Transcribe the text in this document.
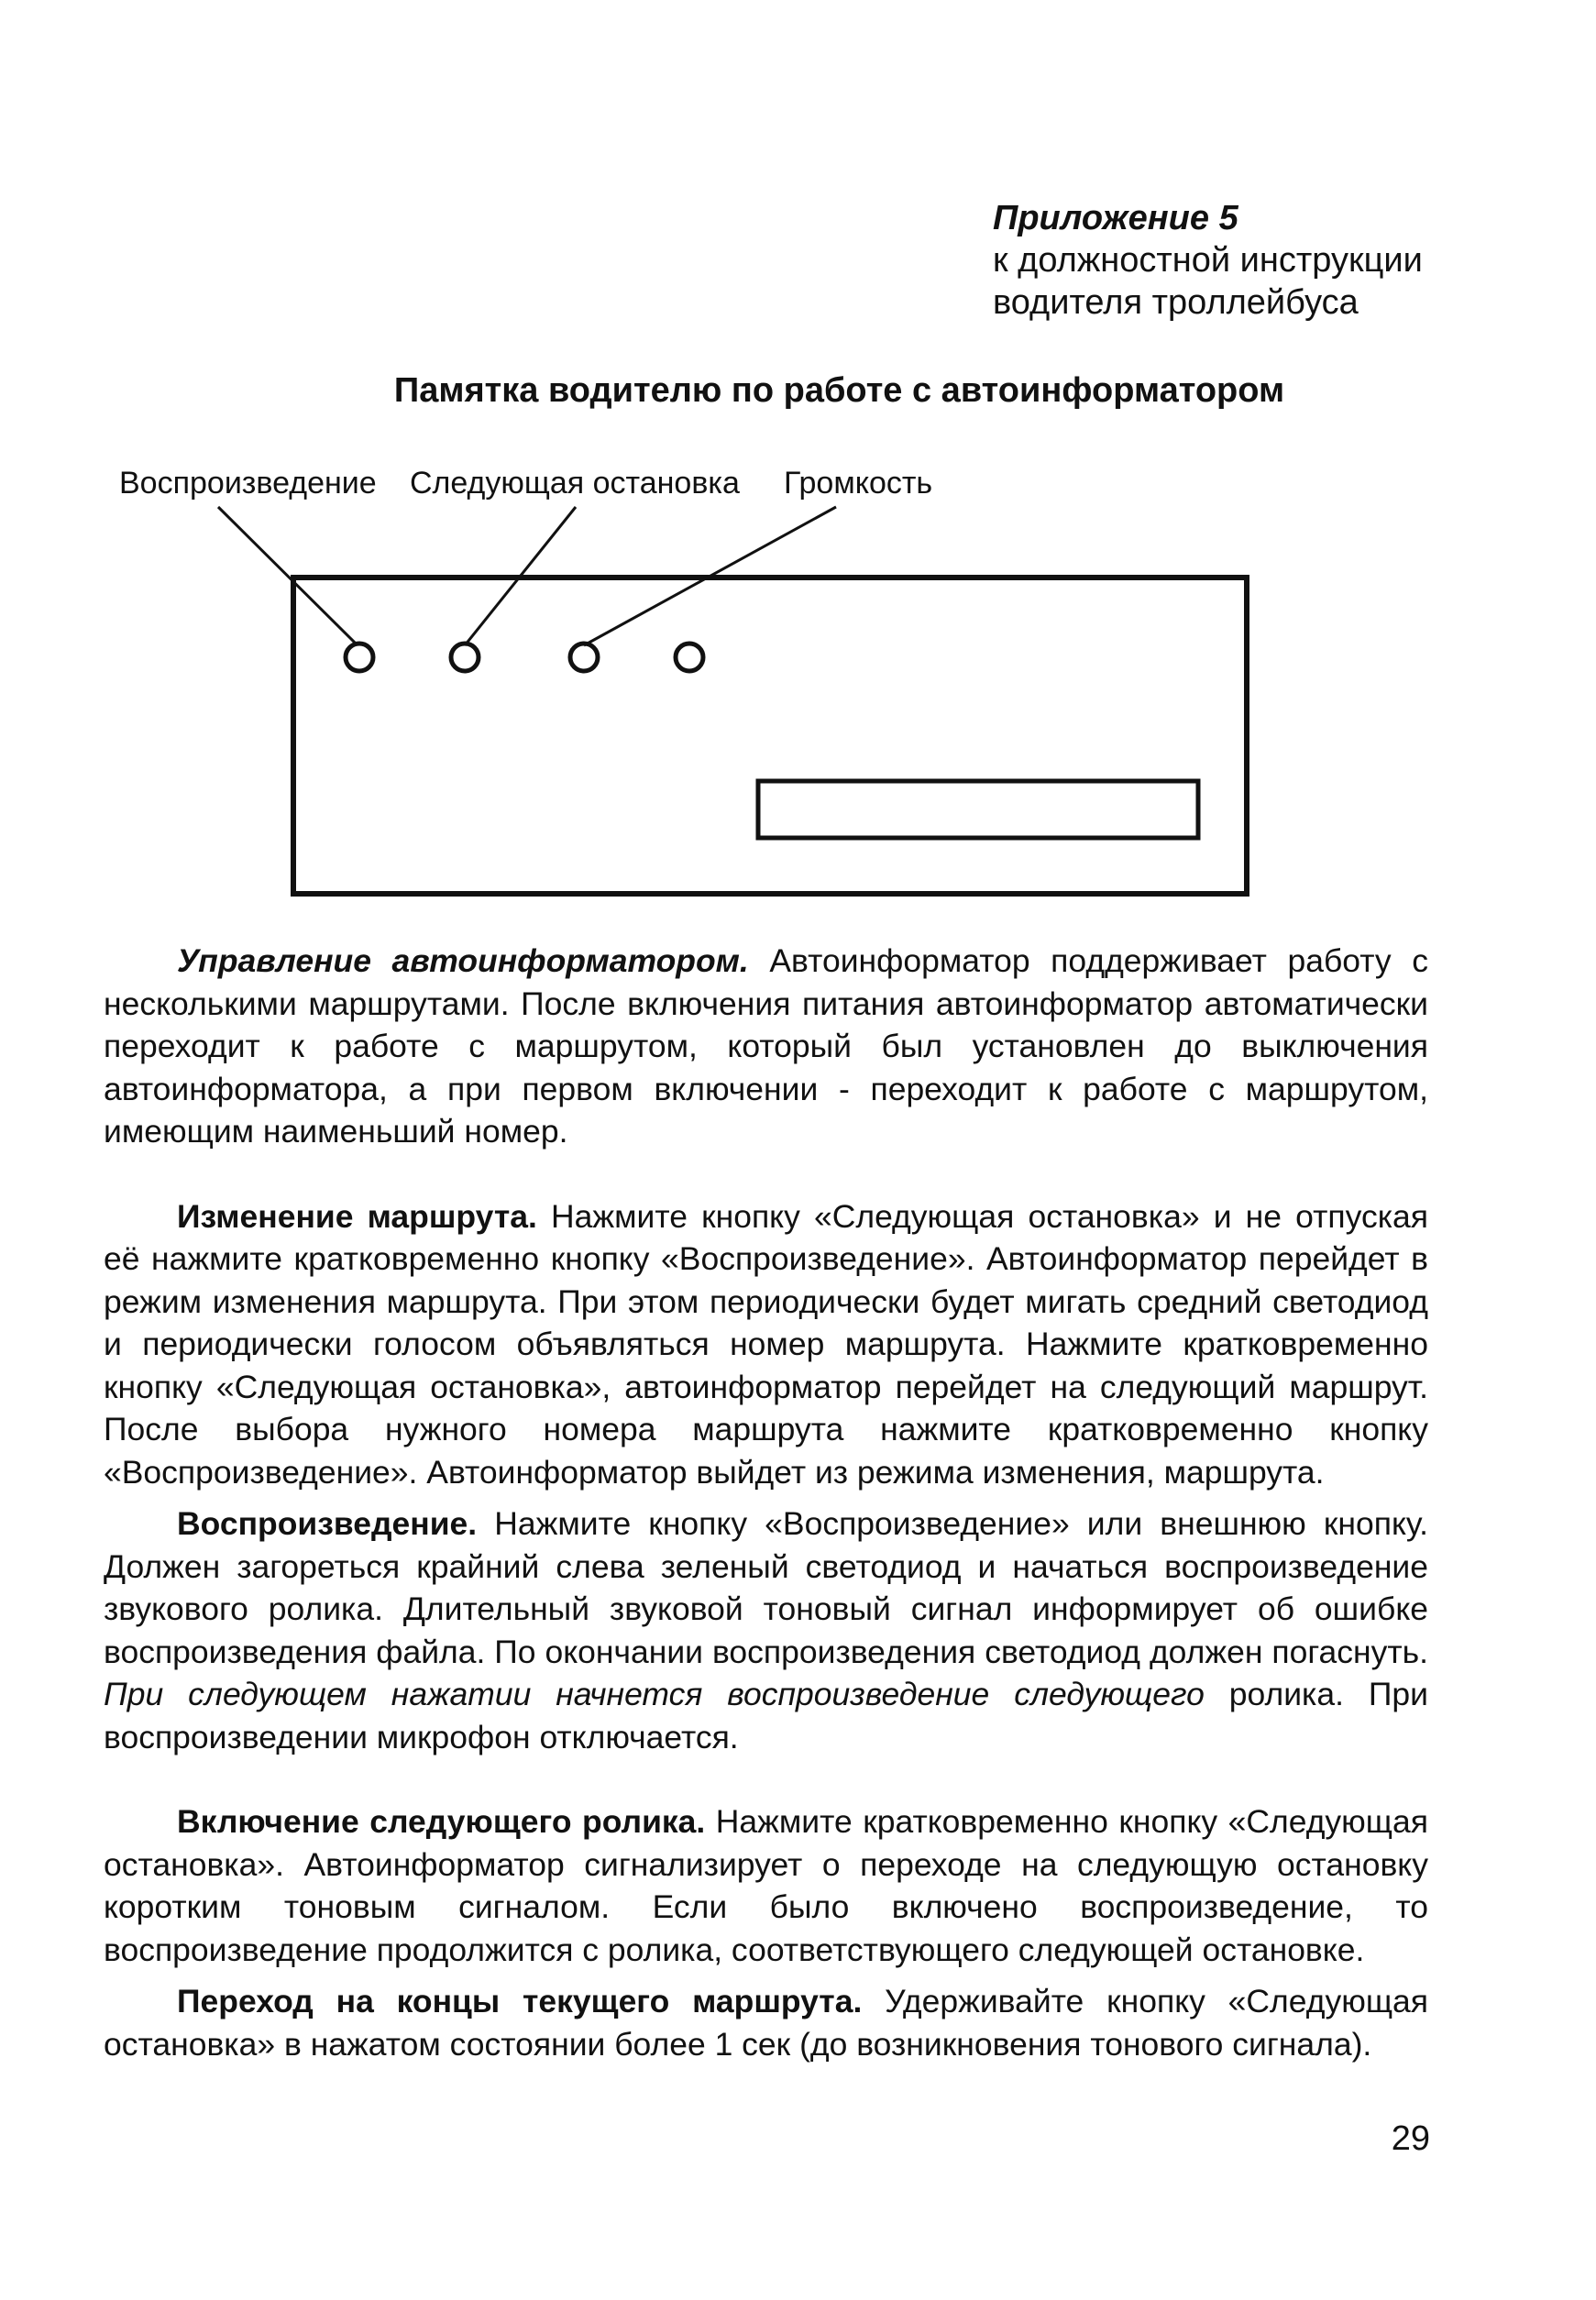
Приложение 5
к должностной инструкции
водителя троллейбуса
Памятка водителю по работе с автоинформатором
Воспроизведение Следующая остановка Громкость

Управление автоинформатором. Автоинформатор поддерживает работу с несколькими маршрутами. После включения питания автоинформатор автоматически переходит к работе с маршрутом, который был установлен до выключения автоинформатора, а при первом включении - переходит к работе с маршрутом, имеющим наименьший номер.

Изменение маршрута. Нажмите кнопку «Следующая остановка» и не отпуская её нажмите кратковременно кнопку «Воспроизведение». Автоинформатор перейдет в режим изменения маршрута. При этом периодически будет мигать средний светодиод и периодически голосом объявляться номер маршрута. Нажмите кратковременно кнопку «Следующая остановка», автоинформатор перейдет на следующий маршрут. После выбора нужного номера маршрута нажмите кратковременно кнопку «Воспроизведение». Автоинформатор выйдет из режима изменения, маршрута.

Воспроизведение. Нажмите кнопку «Воспроизведение» или внешнюю кнопку. Должен загореться крайний слева зеленый светодиод и начаться воспроизведение звукового ролика. Длительный звуковой тоновый сигнал информирует об ошибке воспроизведения файла. По окончании воспроизведения светодиод должен погаснуть. При следующем нажатии начнется воспроизведение следующего ролика. При воспроизведении микрофон отключается.

Включение следующего ролика. Нажмите кратковременно кнопку «Следующая остановка». Автоинформатор сигнализирует о переходе на следующую остановку коротким тоновым сигналом. Если было включено воспроизведение, то воспроизведение продолжится с ролика, соответствующего следующей остановке.

Переход на концы текущего маршрута. Удерживайте кнопку «Следующая остановка» в нажатом состоянии более 1 сек (до возникновения тонового сигнала).

29
